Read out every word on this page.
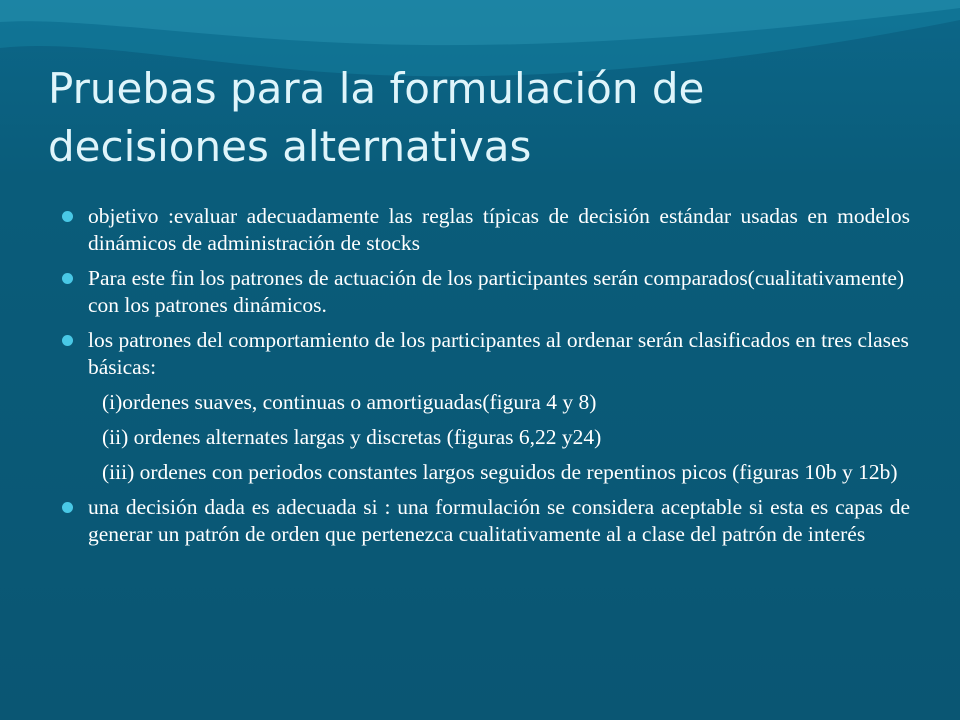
Pruebas para la formulación de decisiones alternativas
objetivo :evaluar adecuadamente las reglas típicas de decisión estándar usadas en modelos dinámicos de administración de stocks
Para este fin los patrones de actuación de los participantes serán comparados(cualitativamente) con los patrones dinámicos.
los patrones del comportamiento de los participantes al ordenar serán clasificados en tres clases básicas:
(i)ordenes suaves, continuas o amortiguadas(figura 4 y 8)
(ii) ordenes alternates largas y discretas (figuras 6,22 y24)
(iii) ordenes con periodos constantes largos seguidos de repentinos picos (figuras 10b y 12b)
una decisión dada es adecuada si : una formulación se considera aceptable si esta es capas de generar un patrón de orden que pertenezca cualitativamente al a clase del patrón de interés
